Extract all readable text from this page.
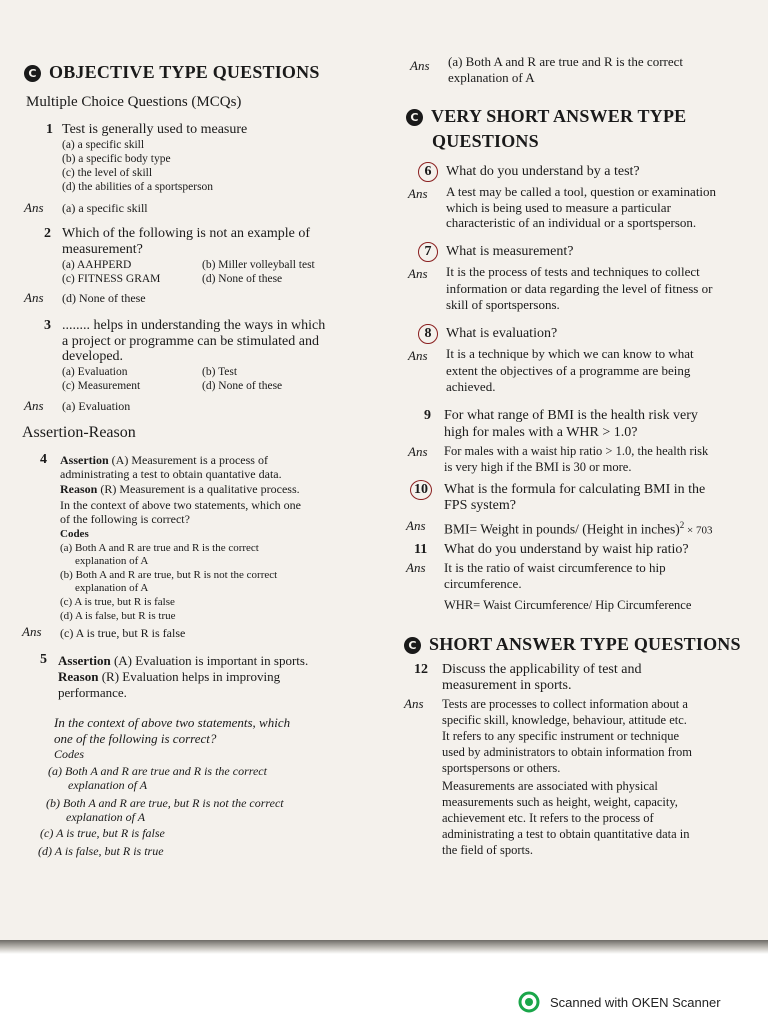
C OBJECTIVE TYPE QUESTIONS
Multiple Choice Questions (MCQs)
1 Test is generally used to measure
(a) a specific skill
(b) a specific body type
(c) the level of skill
(d) the abilities of a sportsperson
Ans (a) a specific skill
2 Which of the following is not an example of
measurement?
(a) AAHPERD	(b) Miller volleyball test
(c) FITNESS GRAM	(d) None of these
Ans (d) None of these
3 ........ helps in understanding the ways in which
a project or programme can be stimulated and
developed.
(a) Evaluation	(b) Test
(c) Measurement	(d) None of these
Ans (a) Evaluation
Assertion-Reason
4 Assertion (A) Measurement is a process of
administrating a test to obtain quantative data.
Reason (R) Measurement is a qualitative process.
In the context of above two statements, which one
of the following is correct?
Codes
(a) Both A and R are true and R is the correct
explanation of A
(b) Both A and R are true, but R is not the correct
explanation of A
(c) A is true, but R is false
(d) A is false, but R is true
Ans (c) A is true, but R is false
5 Assertion (A) Evaluation is important in sports.
Reason (R) Evaluation helps in improving
performance.
In the context of above two statements, which
one of the following is correct?
Codes
(a) Both A and R are true and R is the correct
explanation of A
(b) Both A and R are true, but R is not the correct
explanation of A
(c) A is true, but R is false
(d) A is false, but R is true
Ans (a) Both A and R are true and R is the correct
explanation of A
C VERY SHORT ANSWER TYPE
QUESTIONS
6	What do you understand by a test?
Ans A test may be called a tool, question or examination
which is being used to measure a particular
characteristic of an individual or a sportsperson.
7	What is measurement?
Ans It is the process of tests and techniques to collect
information or data regarding the level of fitness or
skill of sportspersons.
8	What is evaluation?
Ans It is a technique by which we can know to what
extent the objectives of a programme are being
achieved.
9 For what range of BMI is the health risk very
high for males with a WHR > 1.0?
Ans For males with a waist hip ratio > 1.0, the health risk
is very high if the BMI is 30 or more.
10 What is the formula for calculating BMI in the
FPS system?
Ans BMI= Weight in pounds/ (Height in inches)$^2$ × 703
11 What do you understand by waist hip ratio?
Ans It is the ratio of waist circumference to hip
circumference.
WHR= Waist Circumference/ Hip Circumference
C SHORT ANSWER TYPE QUESTIONS
12 Discuss the applicability of test and
measurement in sports.
Ans Tests are processes to collect information about a
specific skill, knowledge, behaviour, attitude etc.
It refers to any specific instrument or technique
used by administrators to obtain information from
sportspersons or others.
Measurements are associated with physical
measurements such as height, weight, capacity,
achievement etc. It refers to the process of
administrating a test to obtain quantitative data in
the field of sports.
Scanned with OKEN Scanner
